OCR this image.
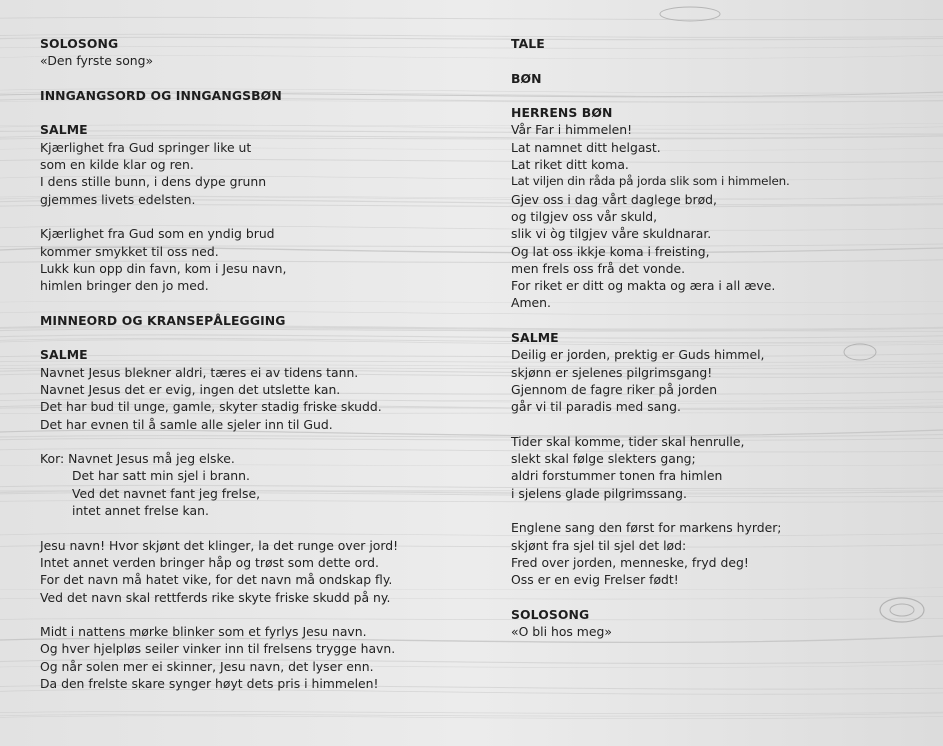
SOLOSONG
«Den fyrste song»
INNGANGSORD OG INNGANGSBØN
SALME
Kjærlighet fra Gud springer like ut
som en kilde klar og ren.
I dens stille bunn, i dens dype grunn
gjemmes livets edelsten.
Kjærlighet fra Gud som en yndig brud
kommer smykket til oss ned.
Lukk kun opp din favn, kom i Jesu navn,
himlen bringer den jo med.
MINNEORD OG KRANSEPÅLEGGING
SALME
Navnet Jesus blekner aldri, tæres ei av tidens tann.
Navnet Jesus det er evig, ingen det utslette kan.
Det har bud til unge, gamle, skyter stadig friske skudd.
Det har evnen til å samle alle sjeler inn til Gud.
Kor: Navnet Jesus må jeg elske.
Det har satt min sjel i brann.
Ved det navnet fant jeg frelse,
intet annet frelse kan.
Jesu navn! Hvor skjønt det klinger, la det runge over jord!
Intet annet verden bringer håp og trøst som dette ord.
For det navn må hatet vike, for det navn må ondskap fly.
Ved det navn skal rettferds rike skyte friske skudd på ny.
Midt i nattens mørke blinker som et fyrlys Jesu navn.
Og hver hjelpløs seiler vinker inn til frelsens trygge havn.
Og når solen mer ei skinner, Jesu navn, det lyser enn.
Da den frelste skare synger høyt dets pris i himmelen!
TALE
BØN
HERRENS BØN
Vår Far i himmelen!
Lat namnet ditt helgast.
Lat riket ditt koma.
Lat viljen din råda på jorda slik som i himmelen.
Gjev oss i dag vårt daglege brød,
og tilgjev oss vår skuld,
slik vi òg tilgjev våre skuldnarar.
Og lat oss ikkje koma i freisting,
men frels oss frå det vonde.
For riket er ditt og makta og æra i all æve.
Amen.
SALME
Deilig er jorden, prektig er Guds himmel,
skjønn er sjelenes pilgrimsgang!
Gjennom de fagre riker på jorden
går vi til paradis med sang.
Tider skal komme, tider skal henrulle,
slekt skal følge slekters gang;
aldri forstummer tonen fra himlen
i sjelens glade pilgrimssang.
Englene sang den først for markens hyrder;
skjønt fra sjel til sjel det lød:
Fred over jorden, menneske, fryd deg!
Oss er en evig Frelser født!
SOLOSONG
«O bli hos meg»
